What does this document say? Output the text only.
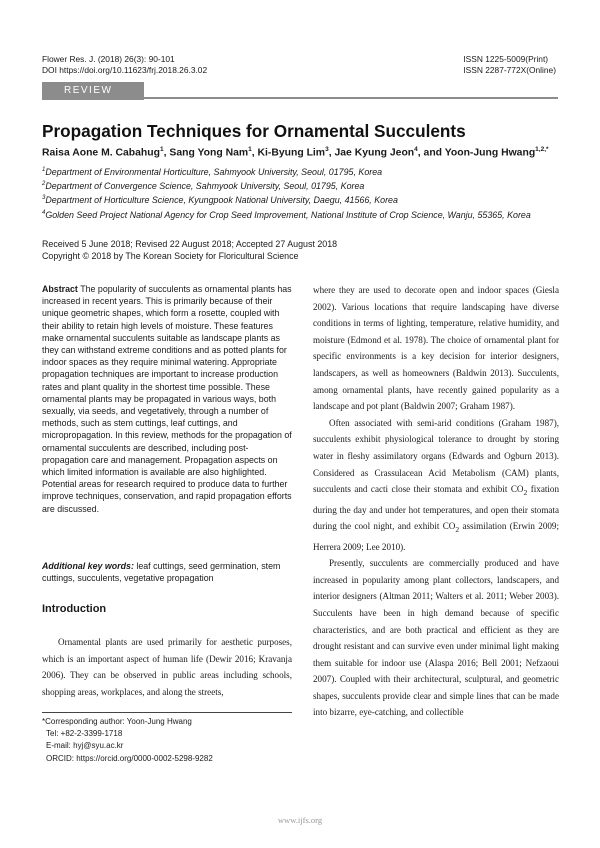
Flower Res. J. (2018) 26(3): 90-101
DOI https://doi.org/10.11623/frj.2018.26.3.02
ISSN 1225-5009(Print)
ISSN 2287-772X(Online)
REVIEW
Propagation Techniques for Ornamental Succulents
Raisa Aone M. Cabahug$^1$, Sang Yong Nam$^1$, Ki-Byung Lim$^3$, Jae Kyung Jeon$^4$, and Yoon-Jung Hwang$^{1,2,*}$
$^1$Department of Environmental Horticulture, Sahmyook University, Seoul, 01795, Korea
$^2$Department of Convergence Science, Sahmyook University, Seoul, 01795, Korea
$^3$Department of Horticulture Science, Kyungpook National University, Daegu, 41566, Korea
$^4$Golden Seed Project National Agency for Crop Seed Improvement, National Institute of Crop Science, Wanju, 55365, Korea
Received 5 June 2018; Revised 22 August 2018; Accepted 27 August 2018
Copyright © 2018 by The Korean Society for Floricultural Science
Abstract The popularity of succulents as ornamental plants has increased in recent years. This is primarily because of their unique geometric shapes, which form a rosette, coupled with their ability to retain high levels of moisture. These features make ornamental succulents suitable as landscape plants as they can withstand extreme conditions and as potted plants for indoor spaces as they require minimal watering. Appropriate propagation techniques are important to increase production rates and plant quality in the shortest time possible. These ornamental plants may be propagated in various ways, both sexually, via seeds, and vegetatively, through a number of methods, such as stem cuttings, leaf cuttings, and micropropagation. In this review, methods for the propagation of ornamental succulents are described, including post-propagation care and management. Propagation aspects on which limited information is available are also highlighted. Potential areas for research required to produce data to further improve techniques, conservation, and rapid propagation efforts are discussed.
Additional key words: leaf cuttings, seed germination, stem cuttings, succulents, vegetative propagation
Introduction

Ornamental plants are used primarily for aesthetic purposes, which is an important aspect of human life (Dewir 2016; Kravanja 2006). They can be observed in public areas including schools, shopping areas, workplaces, and along the streets,

*Corresponding author: Yoon-Jung Hwang
Tel: +82-2-3399-1718
E-mail: hyj@syu.ac.kr
ORCID: https://orcid.org/0000-0002-5298-9282

where they are used to decorate open and indoor spaces (Giesla 2002). Various locations that require landscaping have diverse conditions in terms of lighting, temperature, relative humidity, and moisture (Edmond et al. 1978). The choice of ornamental plant for specific environments is a key decision for interior designers, landscapers, as well as homeowners (Baldwin 2013). Succulents, among ornamental plants, have recently gained popularity as a landscape and pot plant (Baldwin 2007; Graham 1987).

Often associated with semi-arid conditions (Graham 1987), succulents exhibit physiological tolerance to drought by storing water in fleshy assimilatory organs (Edwards and Ogburn 2013). Considered as Crassulacean Acid Metabolism (CAM) plants, succulents and cacti close their stomata and exhibit $CO_2$ fixation during the day and under hot temperatures, and open their stomata during the cool night, and exhibit $CO_2$ assimilation (Erwin 2009; Herrera 2009; Lee 2010).

Presently, succulents are commercially produced and have increased in popularity among plant collectors, landscapers, and interior designers (Altman 2011; Walters et al. 2011; Weber 2003). Succulents have been in high demand because of specific characteristics, and are both practical and efficient as they are drought resistant and can survive even under minimal light making them suitable for indoor use (Alaspa 2016; Bell 2001; Nefzaoui 2007). Coupled with their architectural, sculptural, and geometric shapes, succulents provide clear and simple lines that can be made into bizarre, eye-catching, and collectible

www.ijfs.org
